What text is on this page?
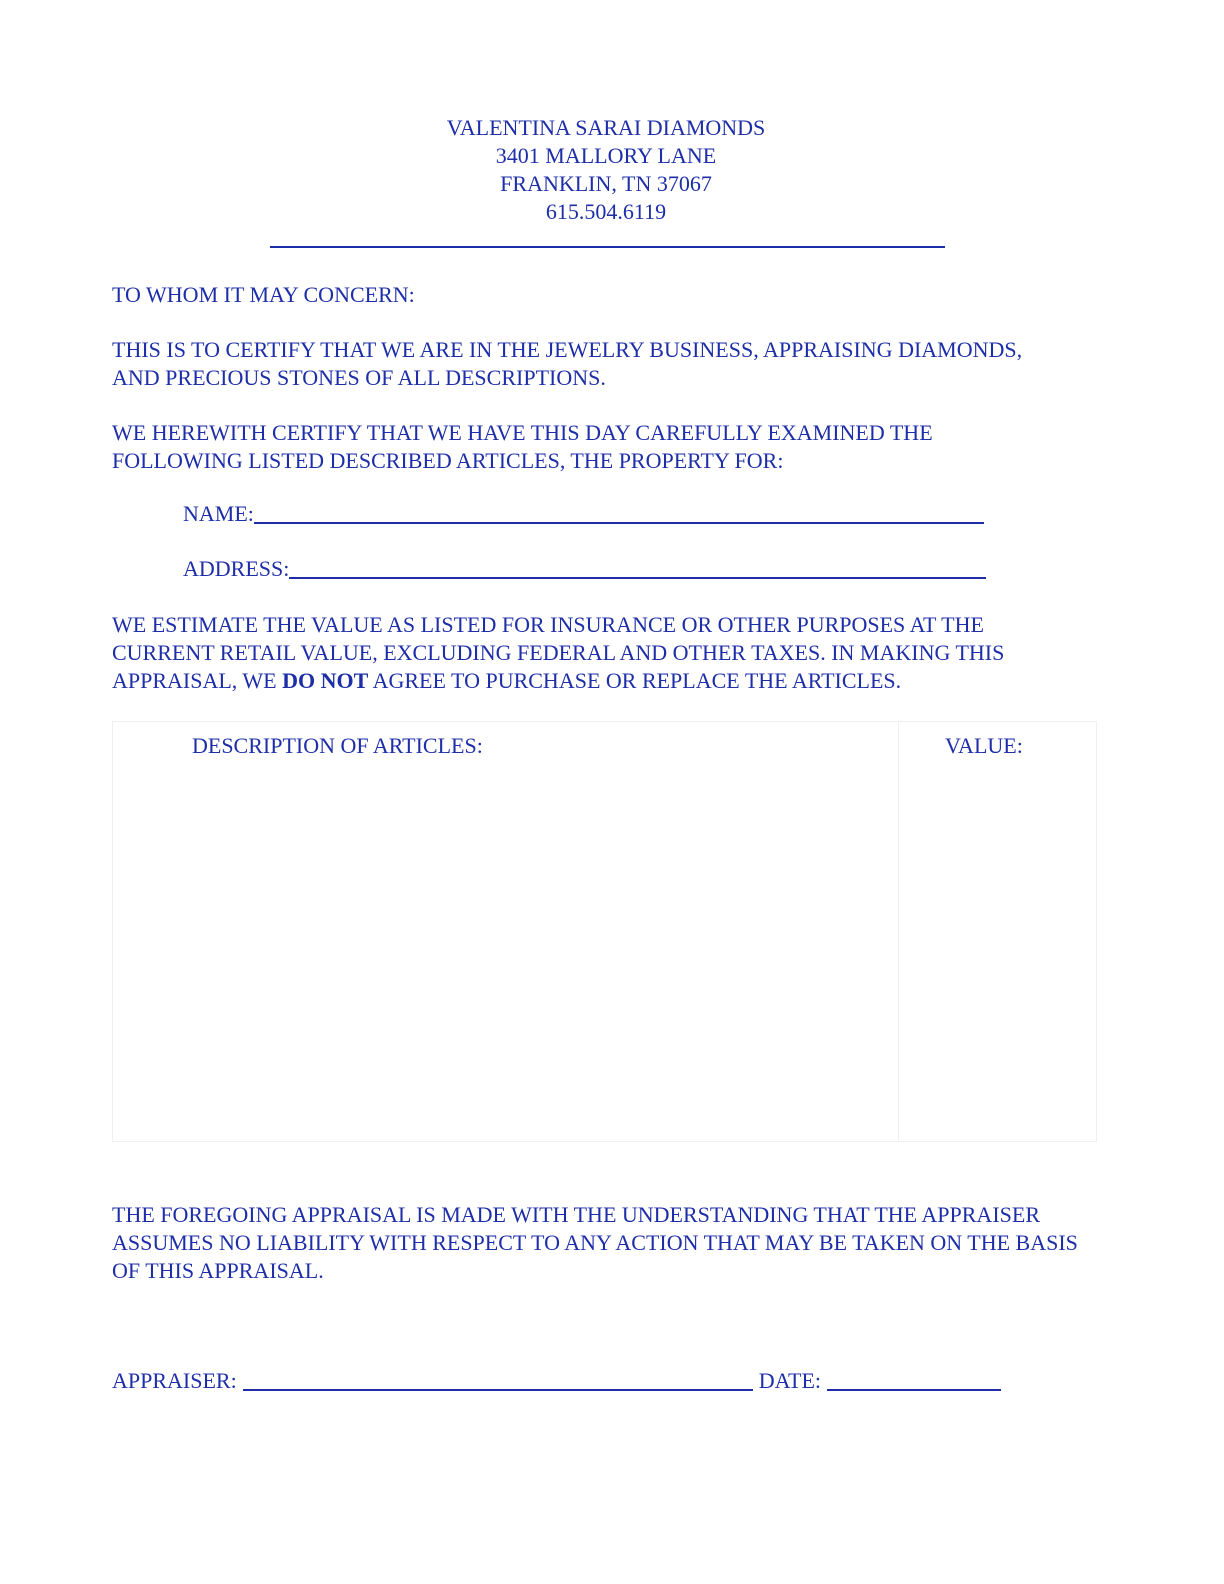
VALENTINA SARAI DIAMONDS
3401 MALLORY LANE
FRANKLIN, TN 37067
615.504.6119

TO WHOM IT MAY CONCERN:

THIS IS TO CERTIFY THAT WE ARE IN THE JEWELRY BUSINESS, APPRAISING DIAMONDS, AND PRECIOUS STONES OF ALL DESCRIPTIONS.

WE HEREWITH CERTIFY THAT WE HAVE THIS DAY CAREFULLY EXAMINED THE FOLLOWING LISTED DESCRIBED ARTICLES, THE PROPERTY FOR:

NAME:
ADDRESS:

WE ESTIMATE THE VALUE AS LISTED FOR INSURANCE OR OTHER PURPOSES AT THE CURRENT RETAIL VALUE, EXCLUDING FEDERAL AND OTHER TAXES. IN MAKING THIS APPRAISAL, WE DO NOT AGREE TO PURCHASE OR REPLACE THE ARTICLES.

DESCRIPTION OF ARTICLES:	VALUE:

THE FOREGOING APPRAISAL IS MADE WITH THE UNDERSTANDING THAT THE APPRAISER ASSUMES NO LIABILITY WITH RESPECT TO ANY ACTION THAT MAY BE TAKEN ON THE BASIS OF THIS APPRAISAL.

APPRAISER:	DATE:
